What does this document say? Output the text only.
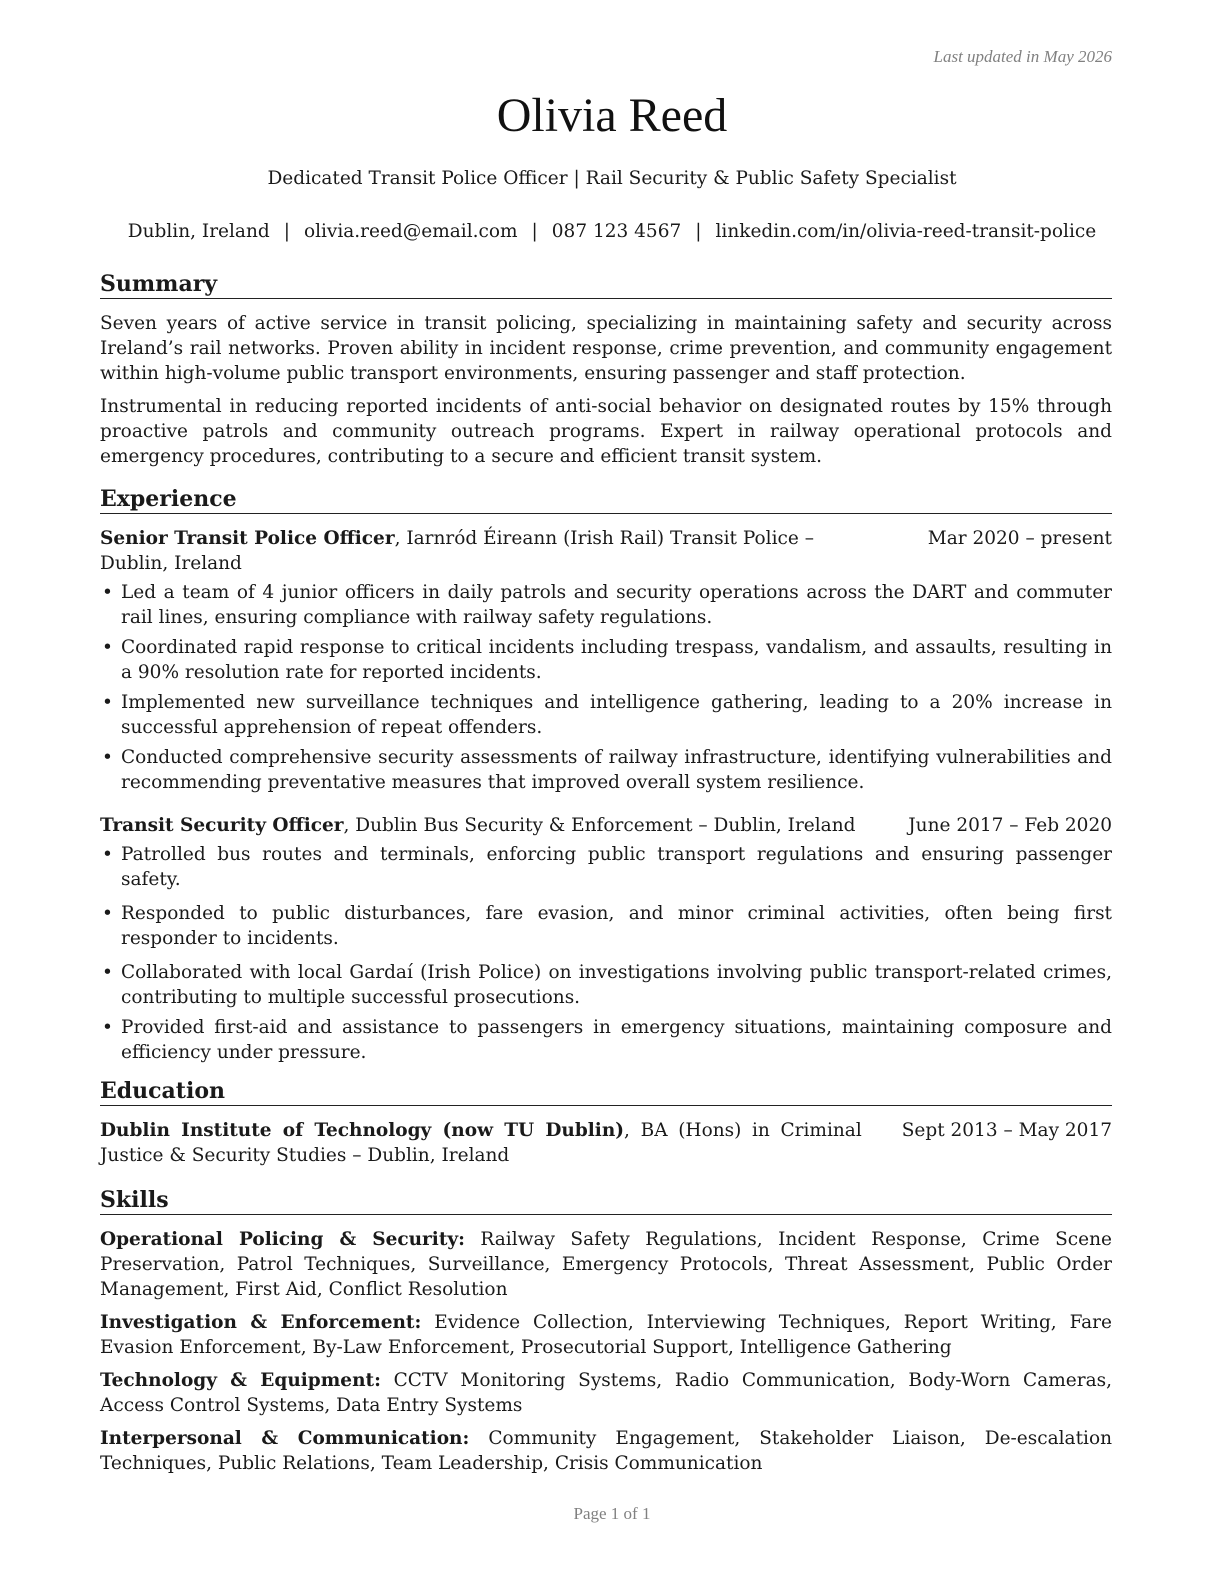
Last updated in May 2026
Olivia Reed
Dedicated Transit Police Officer | Rail Security & Public Safety Specialist
Dublin, Ireland | olivia.reed@email.com | 087 123 4567 | linkedin.com/in/olivia-reed-transit-police
Summary

Seven years of active service in transit policing, specializing in maintaining safety and security across Ireland’s rail networks. Proven ability in incident response, crime prevention, and community engagement within high-volume public transport environments, ensuring passenger and staff protection.

Instrumental in reducing reported incidents of anti-social behavior on designated routes by 15% through proactive patrols and community outreach programs. Expert in railway operational protocols and emergency procedures, contributing to a secure and efficient transit system.

Experience
Senior Transit Police Officer, Iarnród Éireann (Irish Rail) Transit Police – Dublin, Ireland
Mar 2020 – present
• Led a team of 4 junior officers in daily patrols and security operations across the DART and commuter rail lines, ensuring compliance with railway safety regulations.
• Coordinated rapid response to critical incidents including trespass, vandalism, and assaults, resulting in a 90% resolution rate for reported incidents.
• Implemented new surveillance techniques and intelligence gathering, leading to a 20% increase in successful apprehension of repeat offenders.
• Conducted comprehensive security assessments of railway infrastructure, identifying vulnerabilities and recommending preventative measures that improved overall system resilience.
Transit Security Officer, Dublin Bus Security & Enforcement – Dublin, Ireland	June 2017 – Feb 2020
• Patrolled bus routes and terminals, enforcing public transport regulations and ensuring passenger safety.
• Responded to public disturbances, fare evasion, and minor criminal activities, often being first responder to incidents.
• Collaborated with local Gardaí (Irish Police) on investigations involving public transport-related crimes, contributing to multiple successful prosecutions.
• Provided first-aid and assistance to passengers in emergency situations, maintaining composure and efficiency under pressure.
Education
Dublin Institute of Technology (now TU Dublin), BA (Hons) in Criminal Justice & Security Studies – Dublin, Ireland
Sept 2013 – May 2017
Skills
Operational Policing & Security: Railway Safety Regulations, Incident Response, Crime Scene Preservation, Patrol Techniques, Surveillance, Emergency Protocols, Threat Assessment, Public Order Management, First Aid, Conflict Resolution
Investigation & Enforcement: Evidence Collection, Interviewing Techniques, Report Writing, Fare Evasion Enforcement, By-Law Enforcement, Prosecutorial Support, Intelligence Gathering
Technology & Equipment: CCTV Monitoring Systems, Radio Communication, Body-Worn Cameras, Access Control Systems, Data Entry Systems
Interpersonal & Communication: Community Engagement, Stakeholder Liaison, De-escalation Techniques, Public Relations, Team Leadership, Crisis Communication
Page 1 of 1
